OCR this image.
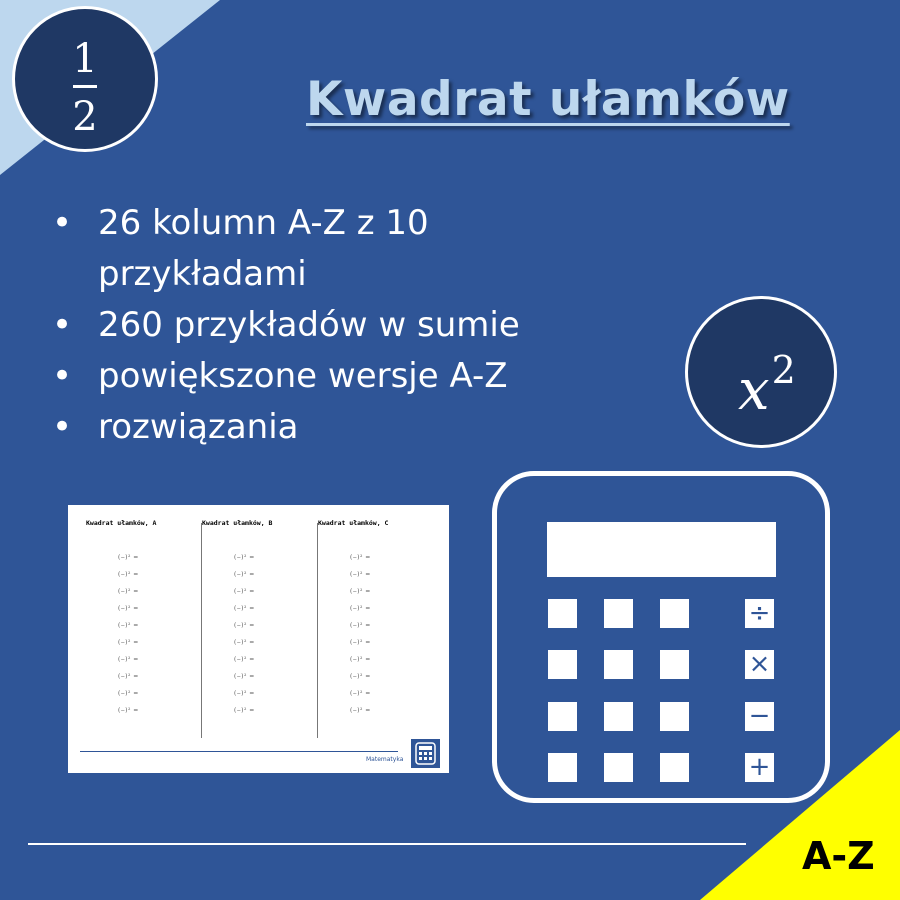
1
2	Kwadrat ułamków
• 26 kolumn A-Z z 10 przykładami
• 260 przykładów w sumie
• powiększone wersje A-Z
• rozwiązania
$x^2$
Kwadrat ułamków, A
(‒)² =
(‒)² =
(‒)² =
(‒)² =
(‒)² =
(‒)² =
(‒)² =
(‒)² =
(‒)² =
(‒)² =
Kwadrat ułamków, B
(‒)² =
(‒)² =
(‒)² =
(‒)² =
(‒)² =
(‒)² =
(‒)² =
(‒)² =
(‒)² =
(‒)² =
Kwadrat ułamków, C
(‒)² =
(‒)² =
(‒)² =
(‒)² =
(‒)² =
(‒)² =
(‒)² =
(‒)² =
(‒)² =
(‒)² =
Matematyka
÷
×
−
+
A-Z
